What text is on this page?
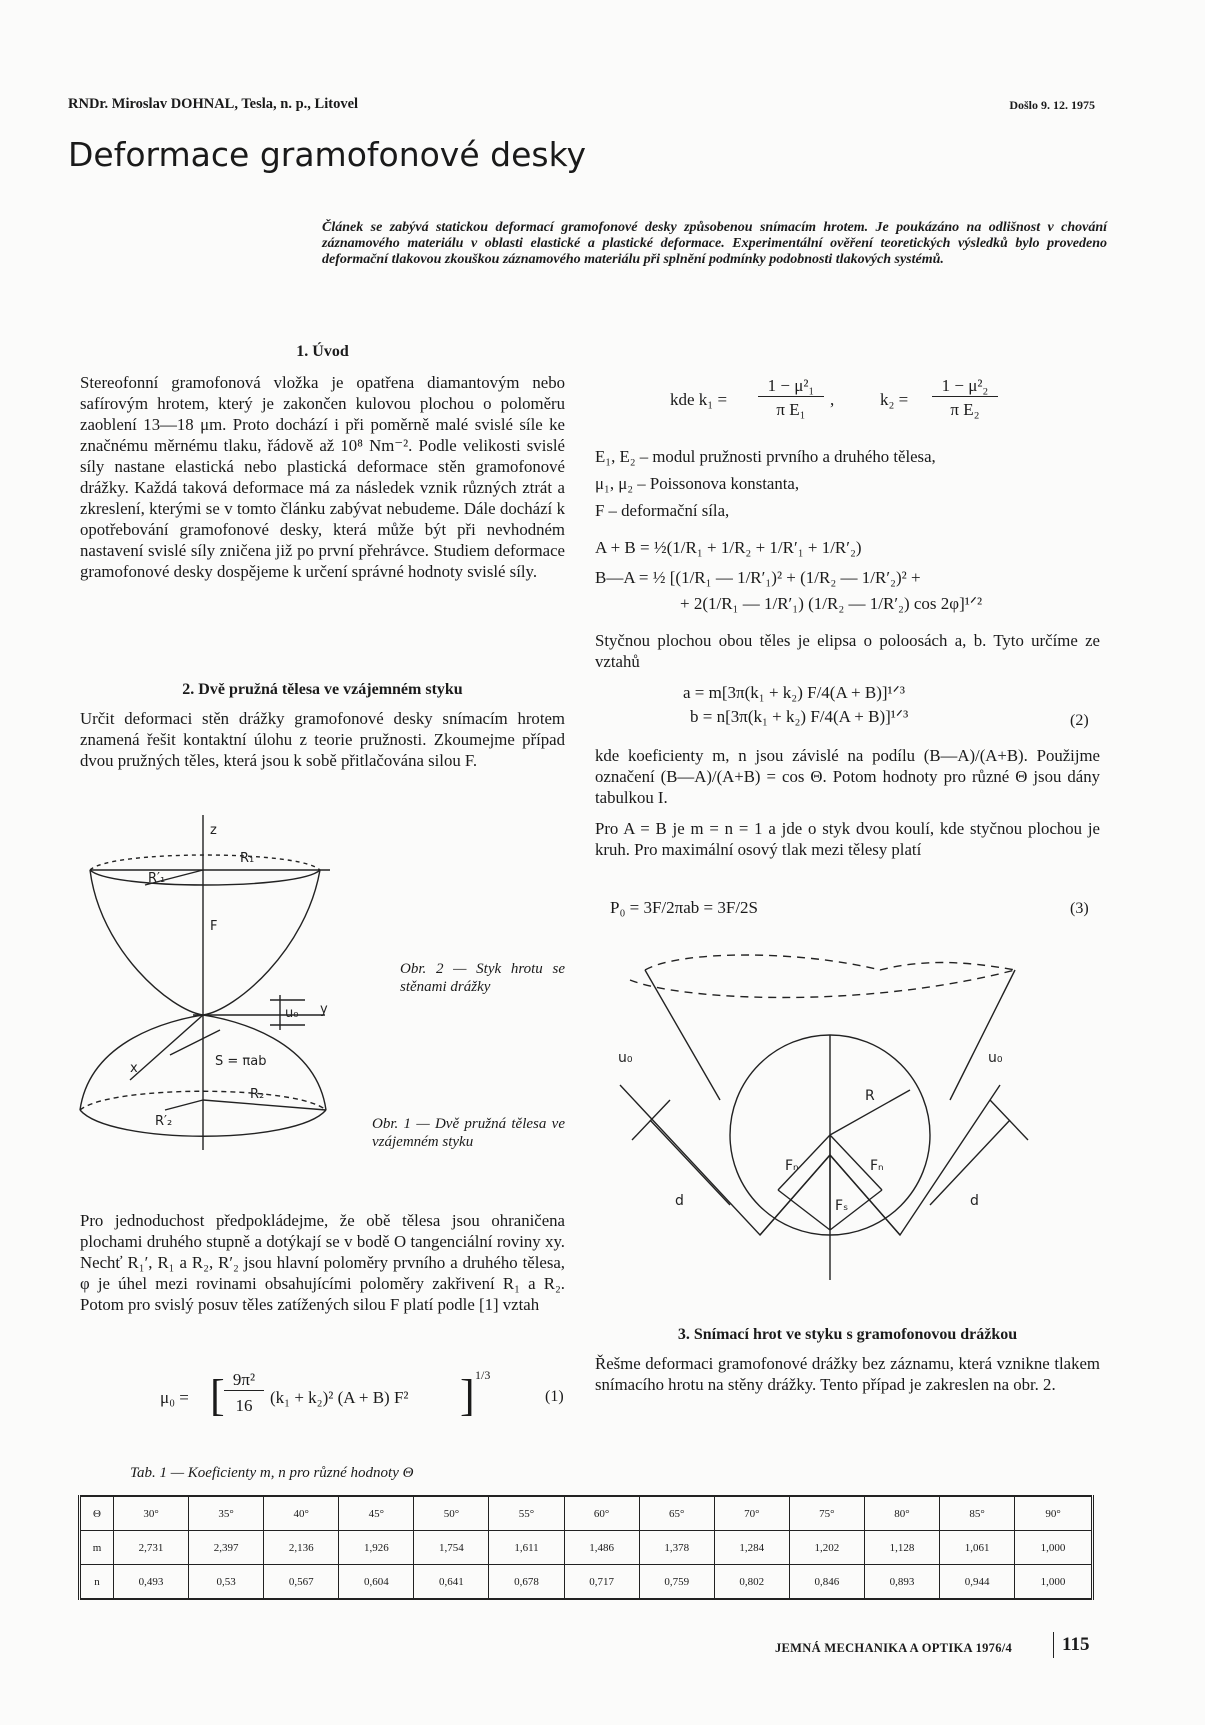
RNDr. Miroslav DOHNAL, Tesla, n. p., Litovel	Došlo 9. 12. 1975
Deformace gramofonové desky
Článek se zabývá statickou deformací gramofonové desky způsobenou snímacím hrotem. Je poukázáno na odlišnost v chování záznamového materiálu v oblasti elastické a plastické deformace. Experimentální ověření teoretických výsledků bylo provedeno deformační tlakovou zkouškou záznamového materiálu při splnění podmínky podobnosti tlakových systémů.
1. Úvod
Stereofonní gramofonová vložka je opatřena diamantovým nebo safírovým hrotem, který je zakončen kulovou plochou o poloměru zaoblení 13—18 μm. Proto dochází i při poměrně malé svislé síle ke značnému měrnému tlaku, řádově až 10⁸ Nm⁻². Podle velikosti svislé síly nastane elastická nebo plastická deformace stěn gramofonové drážky. Každá taková deformace má za následek vznik různých ztrát a zkreslení, kterými se v tomto článku zabývat nebudeme. Dále dochází k opotřebování gramofonové desky, která může být při nevhodném nastavení svislé síly zničena již po první přehrávce. Studiem deformace gramofonové desky dospějeme k určení správné hodnoty svislé síly.
2. Dvě pružná tělesa ve vzájemném styku
Určit deformaci stěn drážky gramofonové desky snímacím hrotem znamená řešit kontaktní úlohu z teorie pružnosti. Zkoumejme případ dvou pružných těles, která jsou k sobě přitlačována silou F.
z
R₁
R′₁
F
u₀ y
x	S = πab
R₂
R′₂
Obr. 2 — Styk hrotu se stěnami drážky
Obr. 1 — Dvě pružná tělesa ve vzájemném styku
Pro jednoduchost předpokládejme, že obě tělesa jsou ohraničena plochami druhého stupně a dotýkají se v bodě O tangenciální roviny xy. Nechť R₁′, R₁ a R₂, R′₂ jsou hlavní poloměry prvního a druhého tělesa, φ je úhel mezi rovinami obsahujícími poloměry zakřivení R₁ a R₂. Potom pro svislý posuv těles zatížených silou F platí podle [1] vztah
μ₀ = [ 9π²
16	(k₁ + k₂)² (A + B) F² ] 1/3
(1)
kde k₁ =
1 − μ²₁
π E₁
,	k₂ =
1 − μ²₂
π E₂
E₁, E₂ – modul pružnosti prvního a druhého tělesa,
μ₁, μ₂ – Poissonova konstanta,
F – deformační síla,
A + B = ½(1/R₁ + 1/R₂ + 1/R′₁ + 1/R′₂)
B—A = ½ [(1/R₁ — 1/R′₁)² + (1/R₂ — 1/R′₂)² +
+ 2(1/R₁ — 1/R′₁) (1/R₂ — 1/R′₂) cos 2φ]¹ᐟ²
Styčnou plochou obou těles je elipsa o poloosách a, b. Tyto určíme ze vztahů
a = m[3π(k₁ + k₂) F/4(A + B)]¹ᐟ³
b = n[3π(k₁ + k₂) F/4(A + B)]¹ᐟ³	(2)
kde koeficienty m, n jsou závislé na podílu (B—A)/(A+B). Použijme označení (B—A)/(A+B) = cos Θ. Potom hodnoty pro různé Θ jsou dány tabulkou I.
Pro A = B je m = n = 1 a jde o styk dvou koulí, kde styčnou plochou je kruh. Pro maximální osový tlak mezi tělesy platí
P₀ = 3F/2πab = 3F/2S	(3)
u₀	u₀
R
Fₙ	Fₙ
Fₛ
d	d
3. Snímací hrot ve styku s gramofonovou drážkou
Řešme deformaci gramofonové drážky bez záznamu, která vznikne tlakem snímacího hrotu na stěny drážky. Tento případ je zakreslen na obr. 2.
Tab. 1 — Koeficienty m, n pro různé hodnoty Θ
Θ	30°	35°	40°	45°	50°	55°	60°	65°	70°	75°	80°	85°	90°
m	2,731	2,397	2,136	1,926	1,754	1,611	1,486	1,378	1,284	1,202	1,128	1,061	1,000
n	0,493	0,53	0,567	0,604	0,641	0,678	0,717	0,759	0,802	0,846	0,893	0,944	1,000
JEMNÁ MECHANIKA A OPTIKA 1976/4	115
